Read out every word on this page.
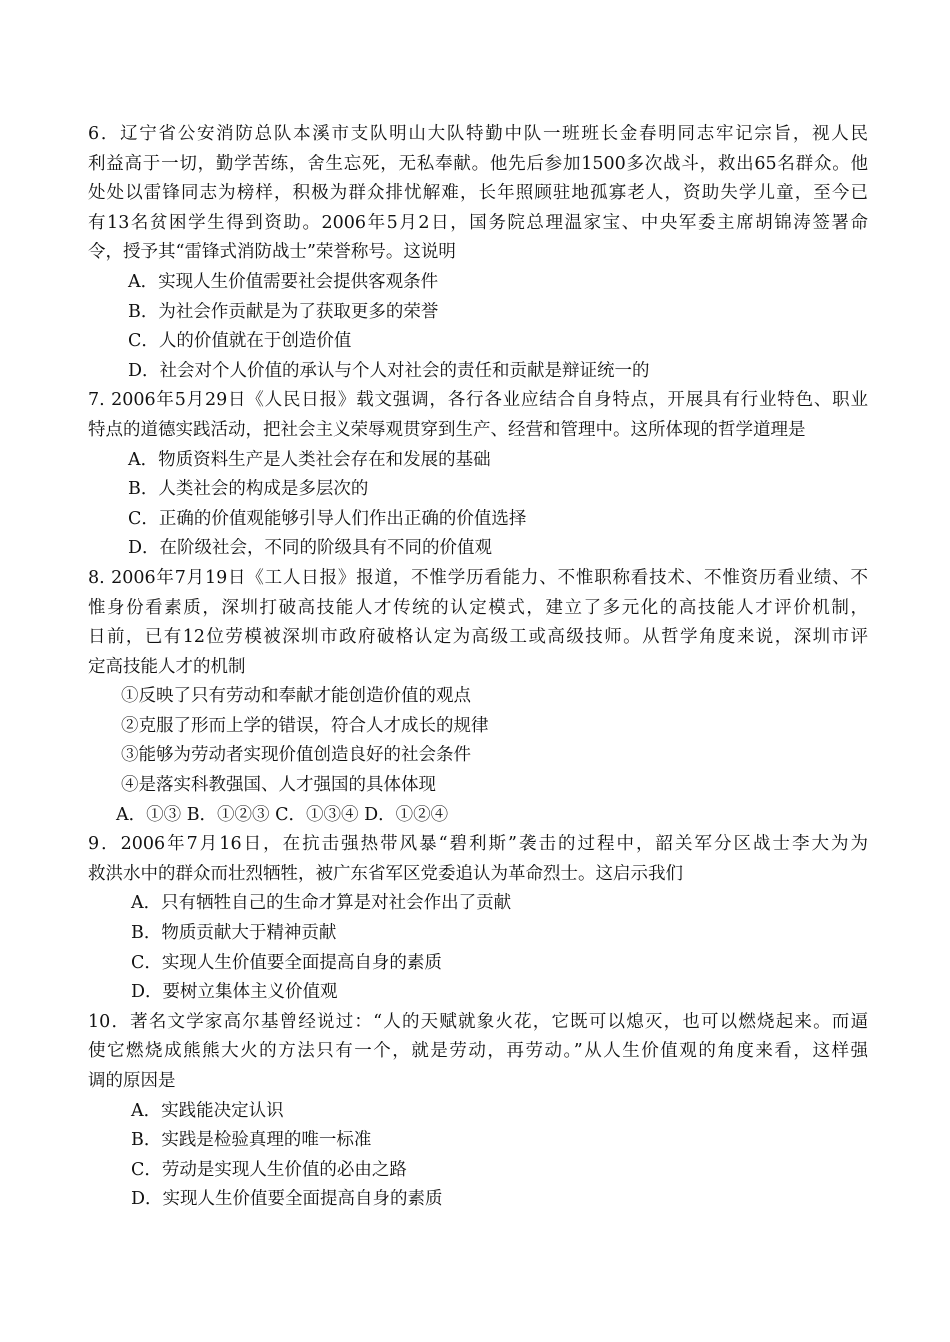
6．辽宁省公安消防总队本溪市支队明山大队特勤中队一班班长金春明同志牢记宗旨，视人民
利益高于一切，勤学苦练，舍生忘死，无私奉献。他先后参加1500多次战斗，救出65名群众。他
处处以雷锋同志为榜样，积极为群众排忧解难，长年照顾驻地孤寡老人，资助失学儿童，至今已
有13名贫困学生得到资助。2006年5月2日，国务院总理温家宝、中央军委主席胡锦涛签署命
令，授予其“雷锋式消防战士”荣誉称号。这说明
A．实现人生价值需要社会提供客观条件
B．为社会作贡献是为了获取更多的荣誉
C．人的价值就在于创造价值
D．社会对个人价值的承认与个人对社会的责任和贡献是辩证统一的
7. 2006年5月29日《人民日报》载文强调，各行各业应结合自身特点，开展具有行业特色、职业
特点的道德实践活动，把社会主义荣辱观贯穿到生产、经营和管理中。这所体现的哲学道理是
A．物质资料生产是人类社会存在和发展的基础
B．人类社会的构成是多层次的
C．正确的价值观能够引导人们作出正确的价值选择
D．在阶级社会，不同的阶级具有不同的价值观
8. 2006年7月19日《工人日报》报道，不惟学历看能力、不惟职称看技术、不惟资历看业绩、不
惟身份看素质，深圳打破高技能人才传统的认定模式，建立了多元化的高技能人才评价机制，
日前，已有12位劳模被深圳市政府破格认定为高级工或高级技师。从哲学角度来说，深圳市评
定高技能人才的机制
①反映了只有劳动和奉献才能创造价值的观点
②克服了形而上学的错误，符合人才成长的规律
③能够为劳动者实现价值创造良好的社会条件
④是落实科教强国、人才强国的具体体现
A．①③ B．①②③ C．①③④ D．①②④
9．2006年7月16日，在抗击强热带风暴“碧利斯”袭击的过程中，韶关军分区战士李大为为
救洪水中的群众而壮烈牺牲，被广东省军区党委追认为革命烈士。这启示我们
A．只有牺牲自己的生命才算是对社会作出了贡献
B．物质贡献大于精神贡献
C．实现人生价值要全面提高自身的素质
D．要树立集体主义价值观
10．著名文学家高尔基曾经说过：“人的天赋就象火花，它既可以熄灭，也可以燃烧起来。而逼
使它燃烧成熊熊大火的方法只有一个，就是劳动，再劳动。”从人生价值观的角度来看，这样强
调的原因是
A．实践能决定认识
B．实践是检验真理的唯一标准
C．劳动是实现人生价值的必由之路
D．实现人生价值要全面提高自身的素质
